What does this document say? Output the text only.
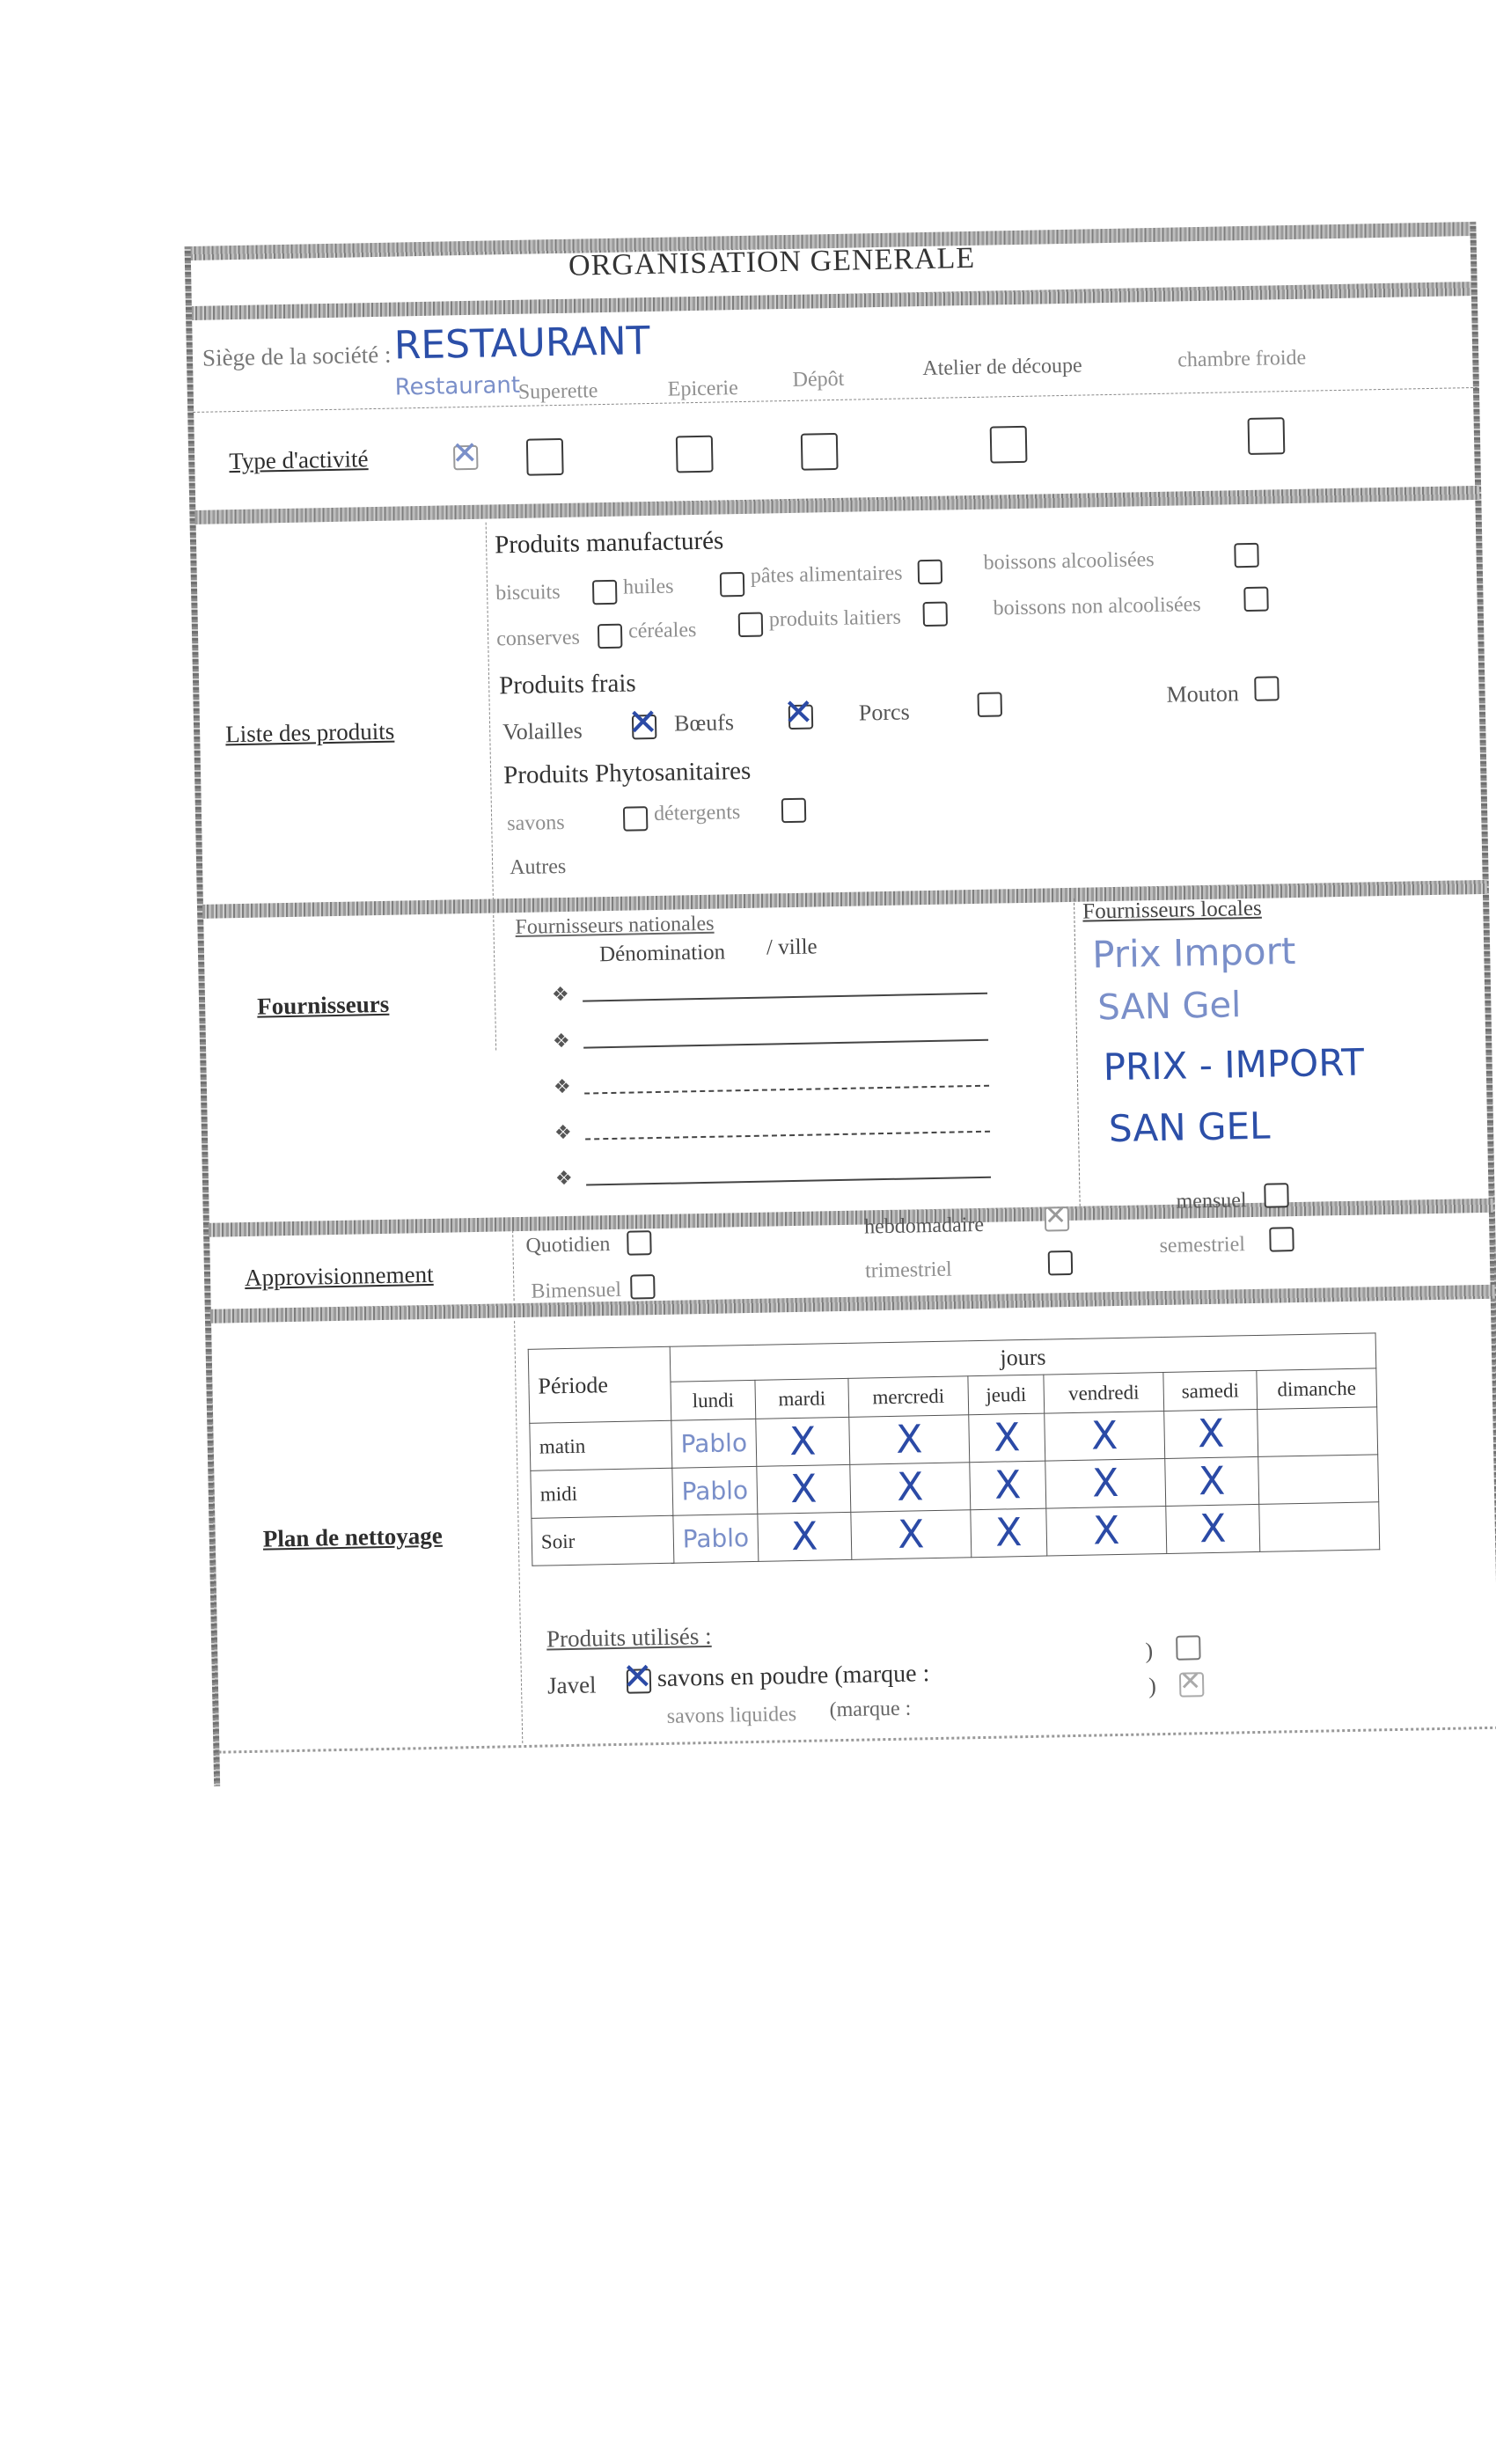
ORGANISATION GENERALE
Siège de la société : RESTAURANT
Restaurant
Type d'activité	✕
Superette	Epicerie	Dépôt	Atelier de découpe	chambre froide
Liste des produits
Produits manufacturés
biscuits	huiles	pâtes alimentaires
boissons alcoolisées
conserves céréales	produits laitiers	boissons non alcoolisées
Produits frais
Volailles ✕ Bœufs ✕ Porcs
Mouton
Produits Phytosanitaires
savons	détergents
Autres
Fournisseurs
Fournisseurs nationales
Dénomination / ville
❖
❖
❖
❖
❖
Fournisseurs locales
Prix Import
SAN Gel
PRIX - IMPORT
SAN GEL
Approvisionnement
Quotidien
hebdomadaire ✕	mensuel
Bimensuel
trimestriel
semestriel
Plan de nettoyage
Période	jours						
	lundi	mardi	mercredi	jeudi	vendredi	samedi	dimanche
matin	Pablo	X	X	X	X	X	
midi	Pablo	X	X	X	X	X	
Soir	Pablo	X	X	X	X	X	
Produits utilisés :
Javel ✕ savons en poudre (marque :
)
savons liquides (marque :
) ✕
